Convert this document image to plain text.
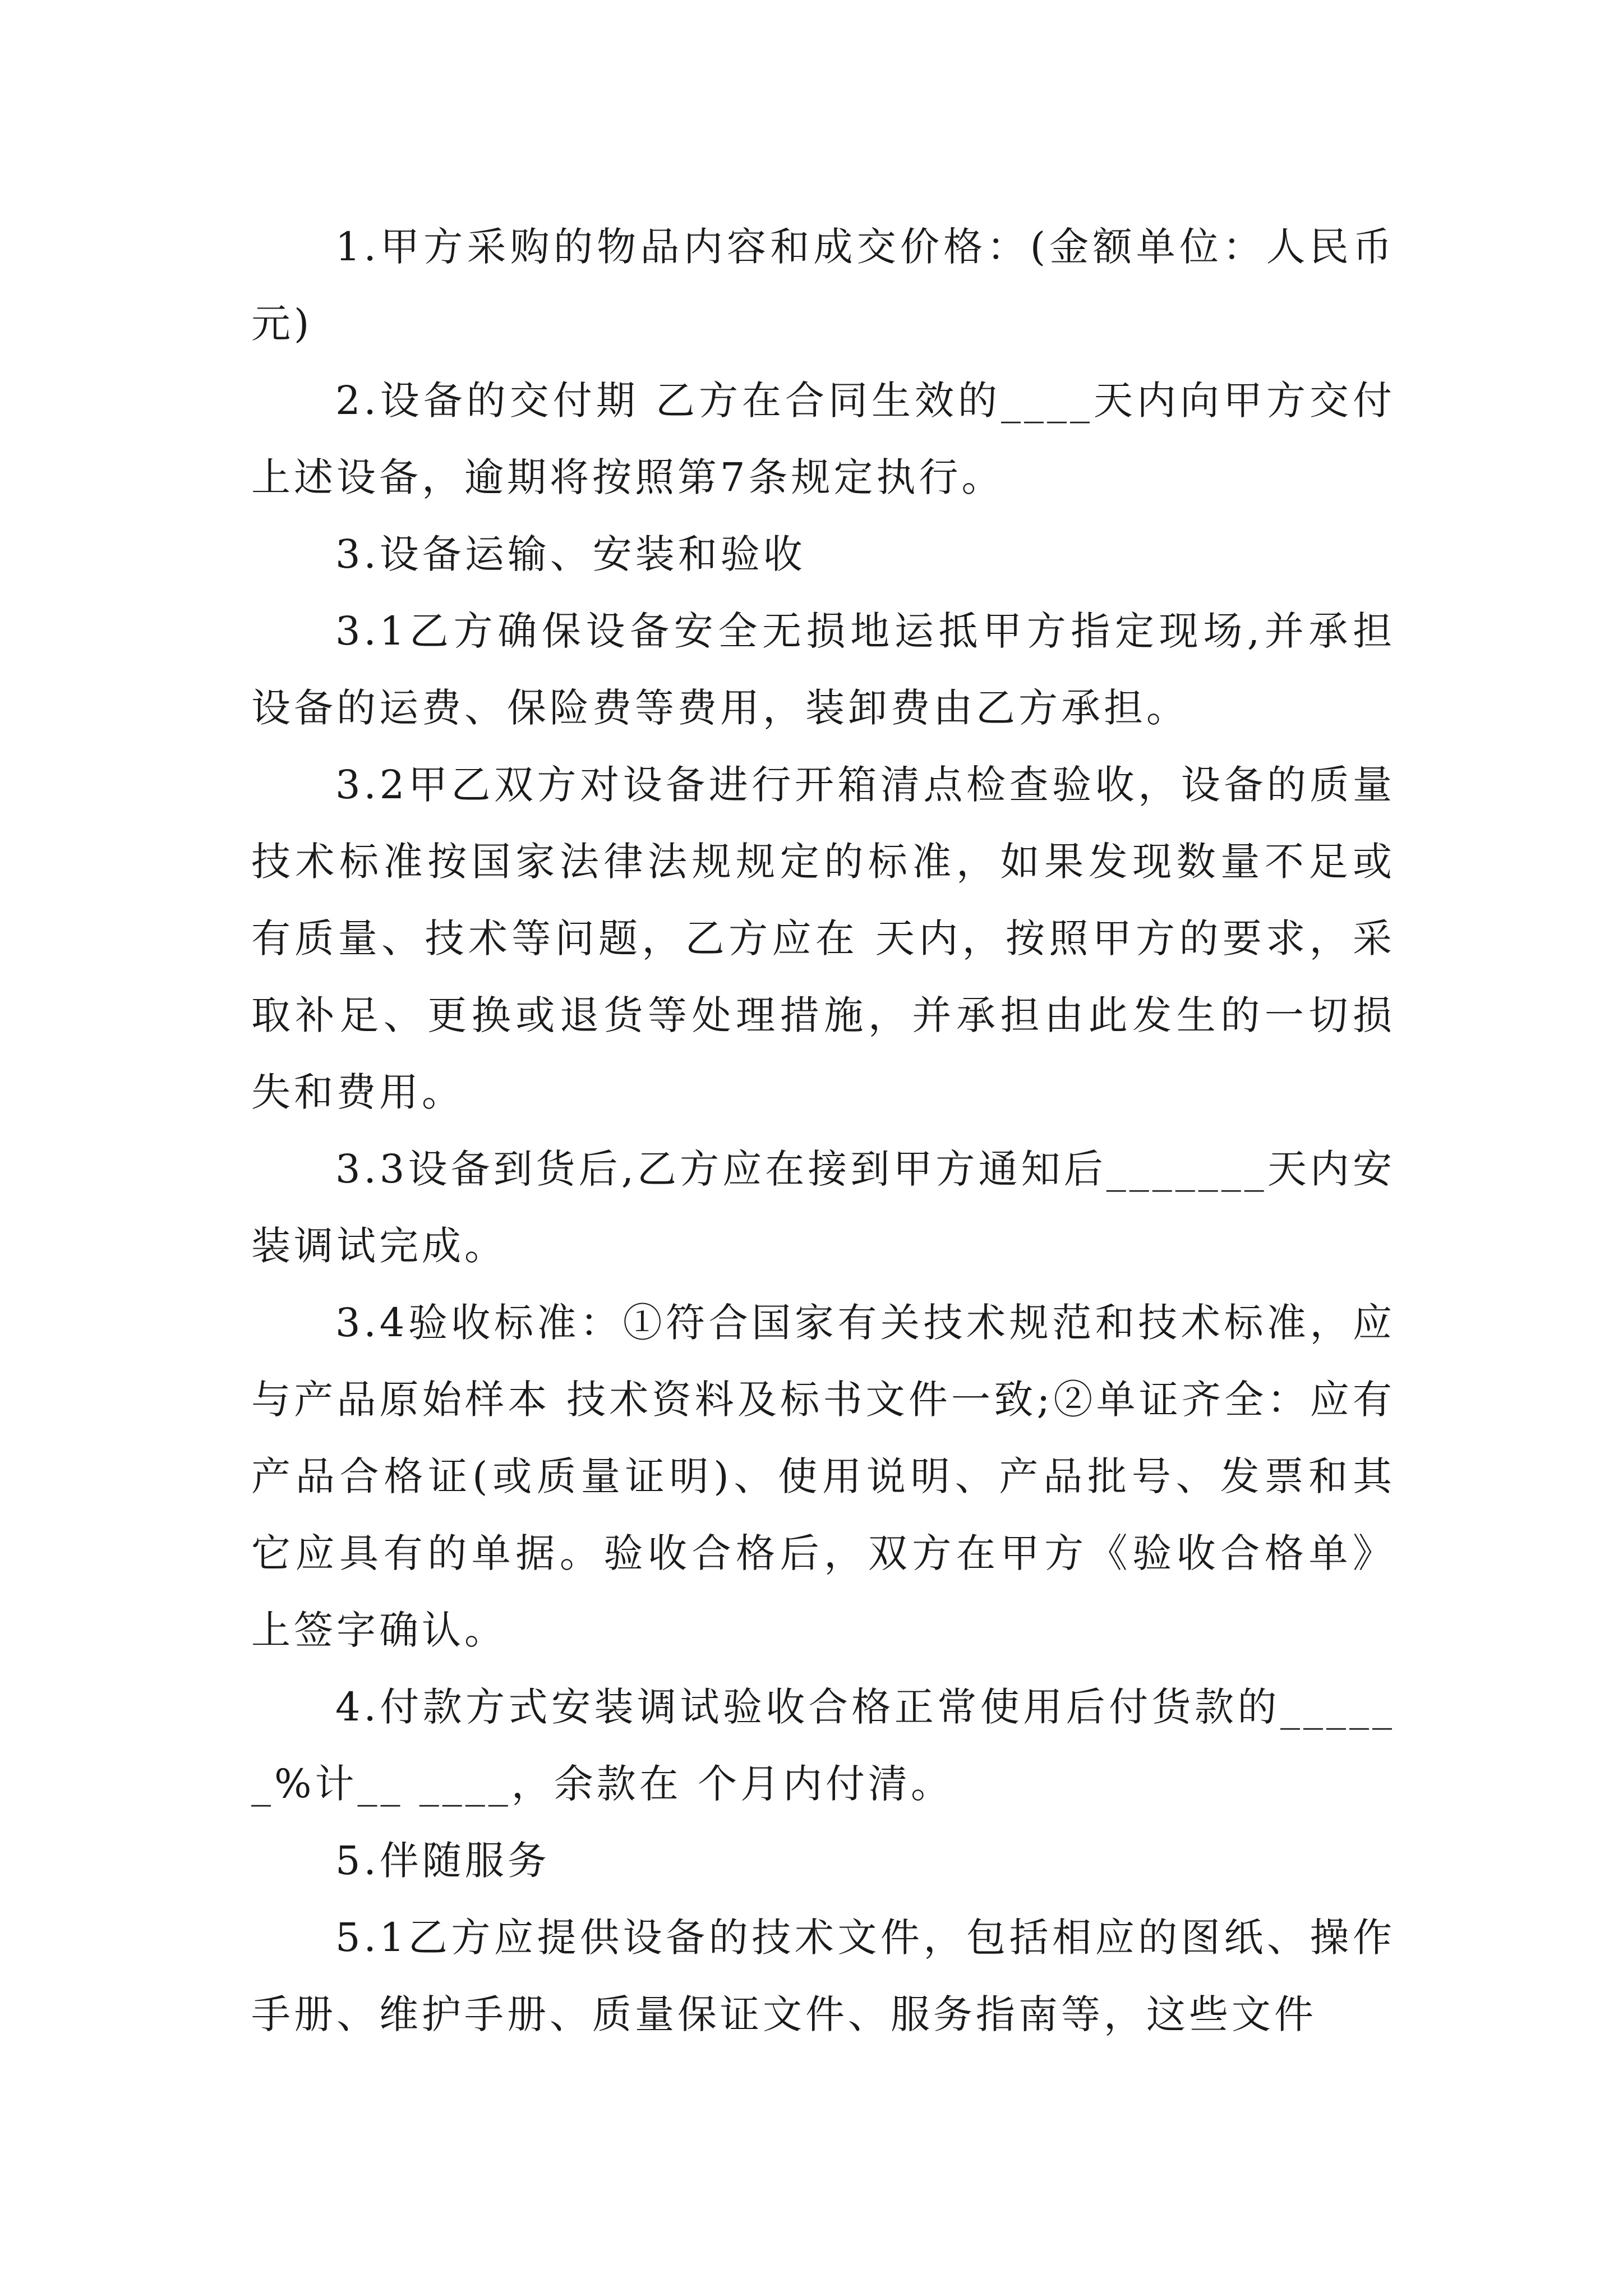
1.甲方采购的物品内容和成交价格：(金额单位：人民币元)

2.设备的交付期 乙方在合同生效的____天内向甲方交付上述设备，逾期将按照第7条规定执行。

3.设备运输、安装和验收

3.1乙方确保设备安全无损地运抵甲方指定现场,并承担设备的运费、保险费等费用，装卸费由乙方承担。

3.2甲乙双方对设备进行开箱清点检查验收，设备的质量技术标准按国家法律法规规定的标准，如果发现数量不足或有质量、技术等问题，乙方应在 天内，按照甲方的要求，采取补足、更换或退货等处理措施，并承担由此发生的一切损失和费用。

3.3设备到货后,乙方应在接到甲方通知后_______天内安装调试完成。

3.4验收标准：①符合国家有关技术规范和技术标准，应与产品原始样本 技术资料及标书文件一致;②单证齐全：应有产品合格证(或质量证明)、使用说明、产品批号、发票和其它应具有的单据。验收合格后，双方在甲方《验收合格单》上签字确认。

4.付款方式安装调试验收合格正常使用后付货款的______%计__ ____，余款在 个月内付清。

5.伴随服务

5.1乙方应提供设备的技术文件，包括相应的图纸、操作手册、维护手册、质量保证文件、服务指南等，这些文件
